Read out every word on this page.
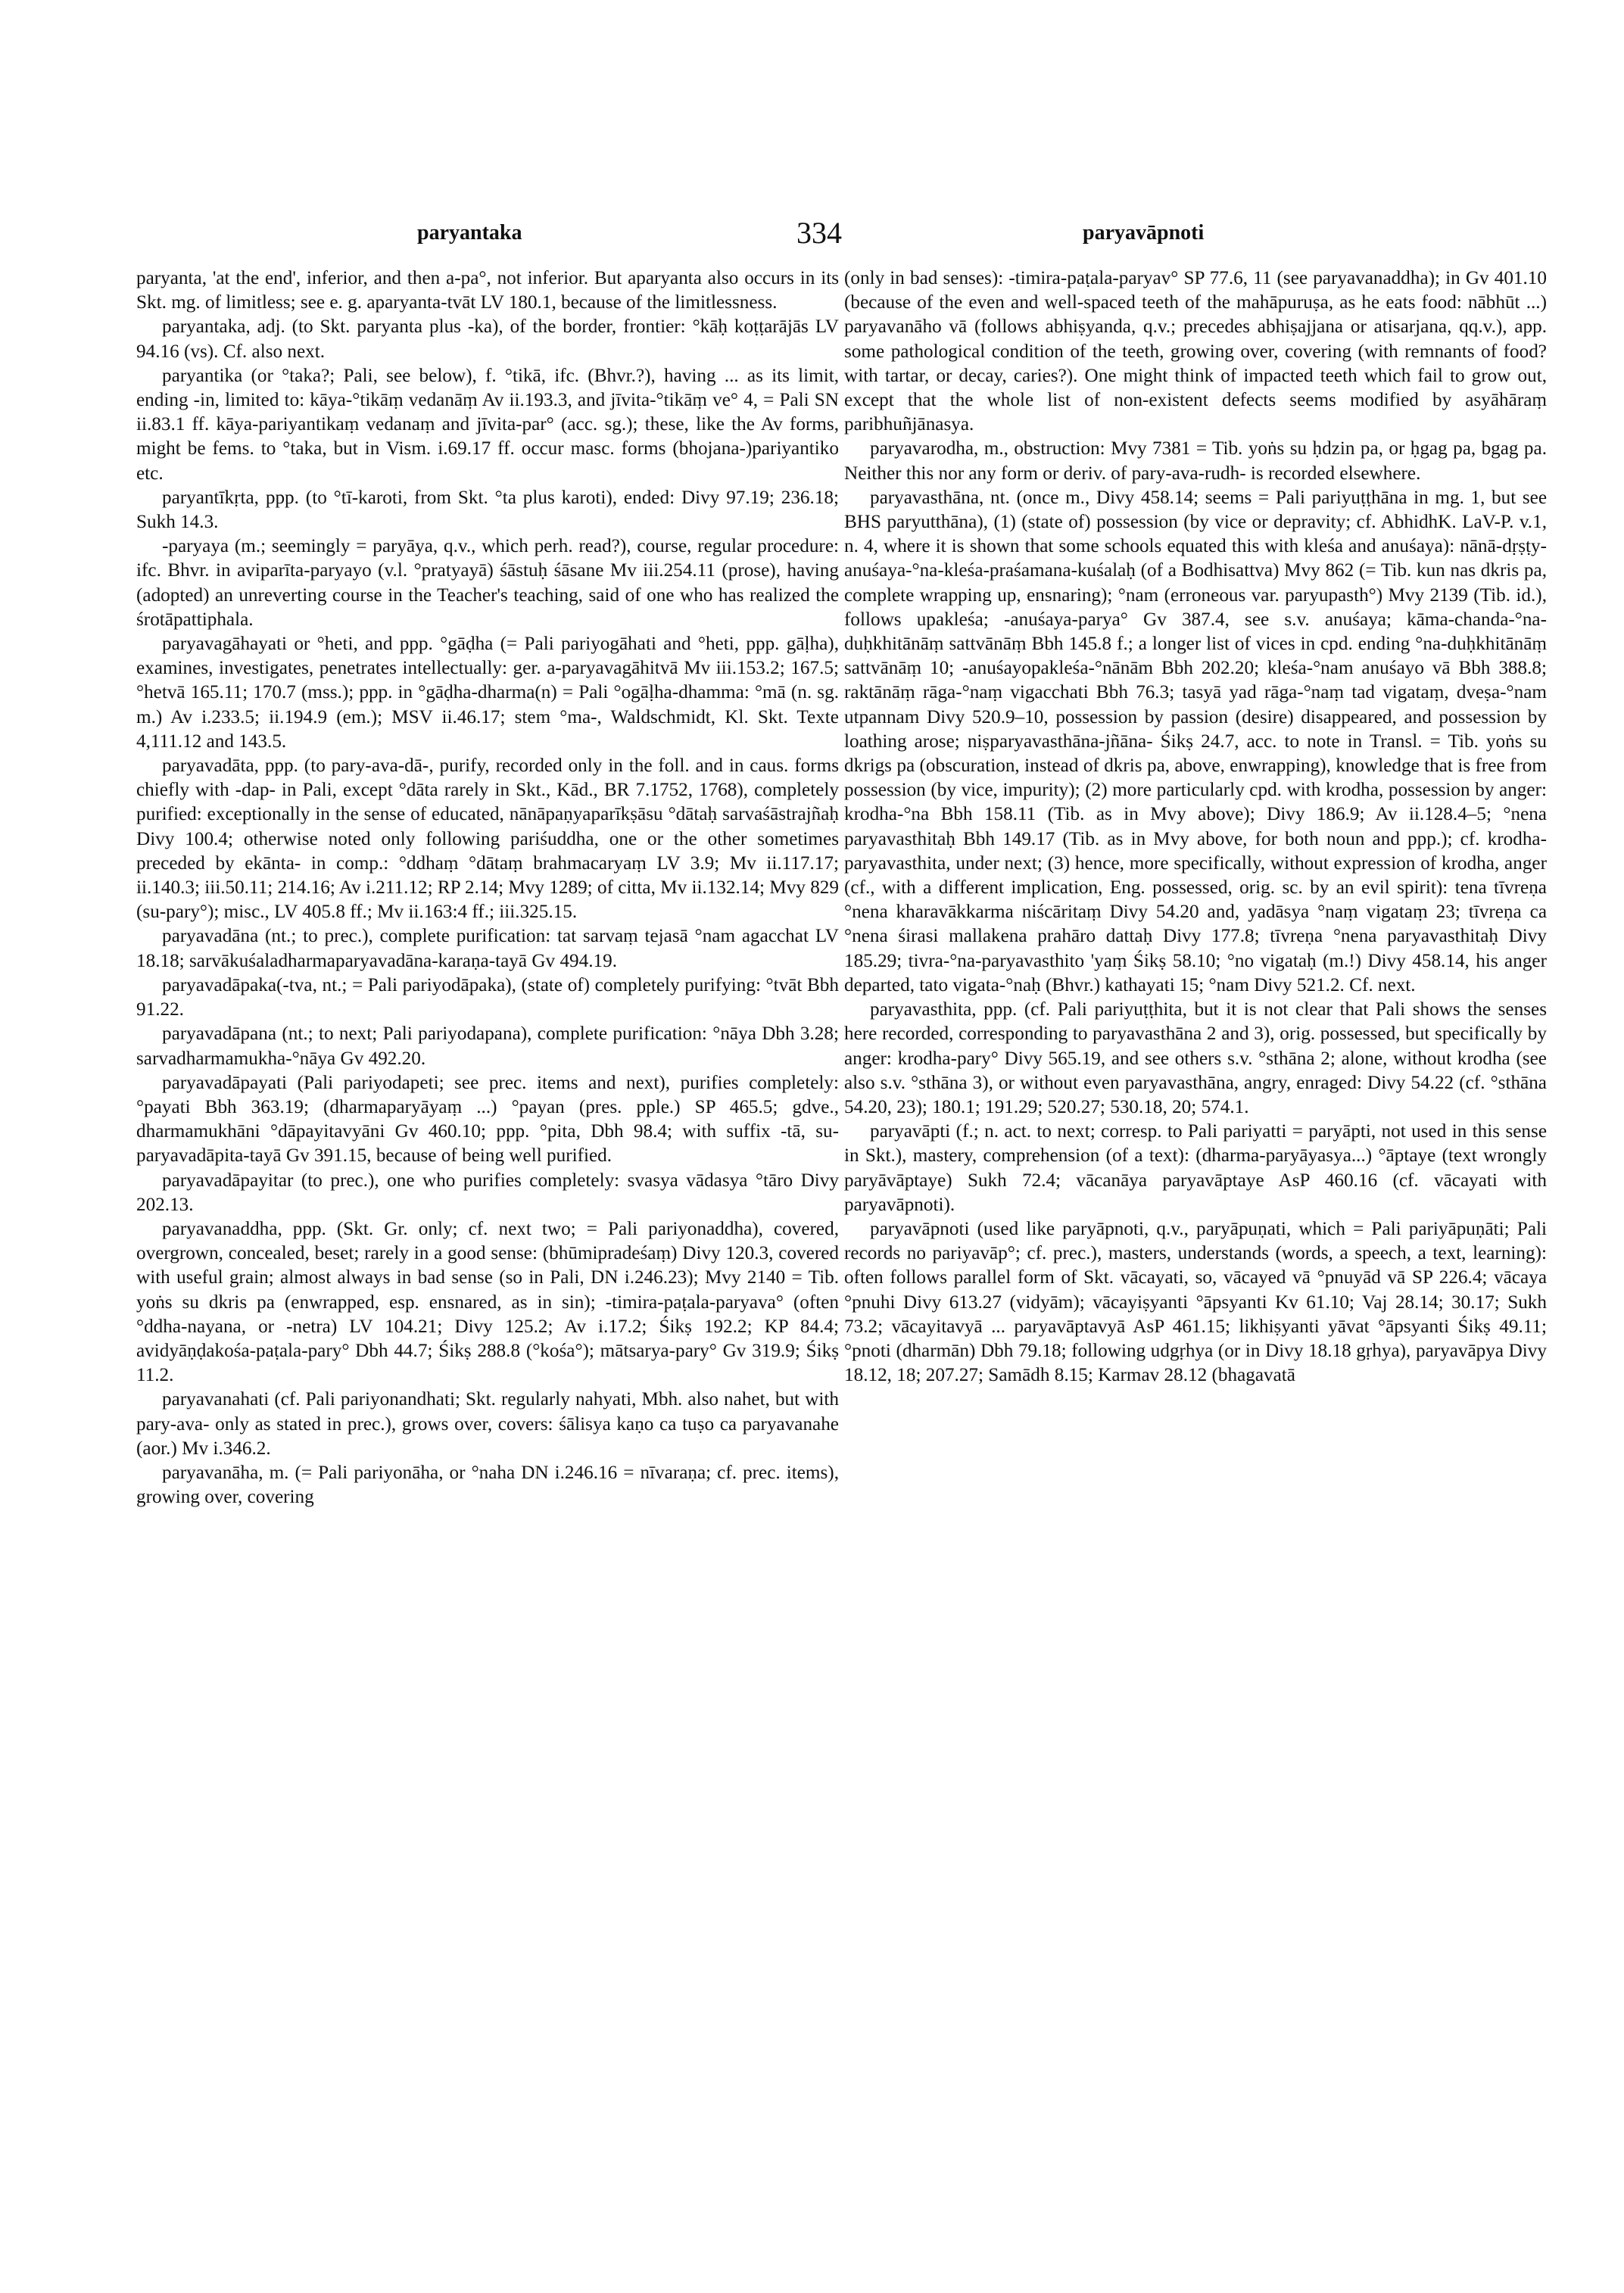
paryantaka	334	paryavāpnoti

paryanta, 'at the end', inferior, and then a-pa°, not inferior. But aparyanta also occurs in its Skt. mg. of limitless; see e. g. aparyanta-tvāt LV 180.1, because of the limitlessness.

paryantaka, adj. (to Skt. paryanta plus -ka), of the border, frontier: °kāḥ koṭṭarājās LV 94.16 (vs). Cf. also next.

paryantika (or °taka?; Pali, see below), f. °tikā, ifc. (Bhvr.?), having ... as its limit, ending -in, limited to: kāya-°tikāṃ vedanāṃ Av ii.193.3, and jīvita-°tikāṃ ve° 4, = Pali SN ii.83.1 ff. kāya-pariyantikaṃ vedanaṃ and jīvita-par° (acc. sg.); these, like the Av forms, might be fems. to °taka, but in Vism. i.69.17 ff. occur masc. forms (bhojana-)pariyantiko etc.

paryantīkṛta, ppp. (to °tī-karoti, from Skt. °ta plus karoti), ended: Divy 97.19; 236.18; Sukh 14.3.

-paryaya (m.; seemingly = paryāya, q.v., which perh. read?), course, regular procedure: ifc. Bhvr. in aviparīta-paryayo (v.l. °pratyayā) śāstuḥ śāsane Mv iii.254.11 (prose), having (adopted) an unreverting course in the Teacher's teaching, said of one who has realized the śrotāpattiphala.

paryavagāhayati or °heti, and ppp. °gāḍha (= Pali pariyogāhati and °heti, ppp. gāḷha), examines, investigates, penetrates intellectually: ger. a-paryavagāhitvā Mv iii.153.2; 167.5; °hetvā 165.11; 170.7 (mss.); ppp. in °gāḍha-dharma(n) = Pali °ogāḷha-dhamma: °mā (n. sg. m.) Av i.233.5; ii.194.9 (em.); MSV ii.46.17; stem °ma-, Waldschmidt, Kl. Skt. Texte 4,111.12 and 143.5.

paryavadāta, ppp. (to pary-ava-dā-, purify, recorded only in the foll. and in caus. forms chiefly with -dap- in Pali, except °dāta rarely in Skt., Kād., BR 7.1752, 1768), completely purified: exceptionally in the sense of educated, nānāpaṇyaparīkṣāsu °dātaḥ sarvaśāstrajñaḥ Divy 100.4; otherwise noted only following pariśuddha, one or the other sometimes preceded by ekānta- in comp.: °ddhaṃ °dātaṃ brahmacaryaṃ LV 3.9; Mv ii.117.17; ii.140.3; iii.50.11; 214.16; Av i.211.12; RP 2.14; Mvy 1289; of citta, Mv ii.132.14; Mvy 829 (su-pary°); misc., LV 405.8 ff.; Mv ii.163:4 ff.; iii.325.15.

paryavadāna (nt.; to prec.), complete purification: tat sarvaṃ tejasā °nam agacchat LV 18.18; sarvākuśaladharmaparyavadāna-karaṇa-tayā Gv 494.19.

paryavadāpaka(-tva, nt.; = Pali pariyodāpaka), (state of) completely purifying: °tvāt Bbh 91.22.

paryavadāpana (nt.; to next; Pali pariyodapana), complete purification: °nāya Dbh 3.28; sarvadharmamukha-°nāya Gv 492.20.

paryavadāpayati (Pali pariyodapeti; see prec. items and next), purifies completely: °payati Bbh 363.19; (dharmaparyāyaṃ ...) °payan (pres. pple.) SP 465.5; gdve., dharmamukhāni °dāpayitavyāni Gv 460.10; ppp. °pita, Dbh 98.4; with suffix -tā, su-paryavadāpita-tayā Gv 391.15, because of being well purified.

paryavadāpayitar (to prec.), one who purifies completely: svasya vādasya °tāro Divy 202.13.

paryavanaddha, ppp. (Skt. Gr. only; cf. next two; = Pali pariyonaddha), covered, overgrown, concealed, beset; rarely in a good sense: (bhūmipradeśaṃ) Divy 120.3, covered with useful grain; almost always in bad sense (so in Pali, DN i.246.23); Mvy 2140 = Tib. yoṅs su dkris pa (enwrapped, esp. ensnared, as in sin); -timira-paṭala-paryava° (often °ddha-nayana, or -netra) LV 104.21; Divy 125.2; Av i.17.2; Śikṣ 192.2; KP 84.4; avidyāṇḍakośa-paṭala-pary° Dbh 44.7; Śikṣ 288.8 (°kośa°); mātsarya-pary° Gv 319.9; Śikṣ 11.2.

paryavanahati (cf. Pali pariyonandhati; Skt. regularly nahyati, Mbh. also nahet, but with pary-ava- only as stated in prec.), grows over, covers: śālisya kaṇo ca tuṣo ca paryavanahe (aor.) Mv i.346.2.

paryavanāha, m. (= Pali pariyonāha, or °naha DN i.246.16 = nīvaraṇa; cf. prec. items), growing over, covering

(only in bad senses): -timira-paṭala-paryav° SP 77.6, 11 (see paryavanaddha); in Gv 401.10 (because of the even and well-spaced teeth of the mahāpuruṣa, as he eats food: nābhūt ...) paryavanāho vā (follows abhiṣyanda, q.v.; precedes abhiṣajjana or atisarjana, qq.v.), app. some pathological condition of the teeth, growing over, covering (with remnants of food? with tartar, or decay, caries?). One might think of impacted teeth which fail to grow out, except that the whole list of non-existent defects seems modified by asyāhāraṃ paribhuñjānasya.

paryavarodha, m., obstruction: Mvy 7381 = Tib. yoṅs su ḥdzin pa, or ḥgag pa, bgag pa. Neither this nor any form or deriv. of pary-ava-rudh- is recorded elsewhere.

paryavasthāna, nt. (once m., Divy 458.14; seems = Pali pariyuṭṭhāna in mg. 1, but see BHS paryutthāna), (1) (state of) possession (by vice or depravity; cf. AbhidhK. LaV-P. v.1, n. 4, where it is shown that some schools equated this with kleśa and anuśaya): nānā-dṛṣṭy-anuśaya-°na-kleśa-praśamana-kuśalaḥ (of a Bodhisattva) Mvy 862 (= Tib. kun nas dkris pa, complete wrapping up, ensnaring); °nam (erroneous var. paryupasth°) Mvy 2139 (Tib. id.), follows upakleśa; -anuśaya-parya° Gv 387.4, see s.v. anuśaya; kāma-chanda-°na-duḥkhitānāṃ sattvānāṃ Bbh 145.8 f.; a longer list of vices in cpd. ending °na-duḥkhitānāṃ sattvānāṃ 10; -anuśayopakleśa-°nānām Bbh 202.20; kleśa-°nam anuśayo vā Bbh 388.8; raktānāṃ rāga-°naṃ vigacchati Bbh 76.3; tasyā yad rāga-°naṃ tad vigataṃ, dveṣa-°nam utpannam Divy 520.9–10, possession by passion (desire) disappeared, and possession by loathing arose; niṣparyavasthāna-jñāna- Śikṣ 24.7, acc. to note in Transl. = Tib. yoṅs su dkrigs pa (obscuration, instead of dkris pa, above, enwrapping), knowledge that is free from possession (by vice, impurity); (2) more particularly cpd. with krodha, possession by anger: krodha-°na Bbh 158.11 (Tib. as in Mvy above); Divy 186.9; Av ii.128.4–5; °nena paryavasthitaḥ Bbh 149.17 (Tib. as in Mvy above, for both noun and ppp.); cf. krodha-paryavasthita, under next; (3) hence, more specifically, without expression of krodha, anger (cf., with a different implication, Eng. possessed, orig. sc. by an evil spirit): tena tīvreṇa °nena kharavākkarma niścāritaṃ Divy 54.20 and, yadāsya °naṃ vigataṃ 23; tīvreṇa ca °nena śirasi mallakena prahāro dattaḥ Divy 177.8; tīvreṇa °nena paryavasthitaḥ Divy 185.29; tivra-°na-paryavasthito 'yaṃ Śikṣ 58.10; °no vigataḥ (m.!) Divy 458.14, his anger departed, tato vigata-°naḥ (Bhvr.) kathayati 15; °nam Divy 521.2. Cf. next.

paryavasthita, ppp. (cf. Pali pariyuṭṭhita, but it is not clear that Pali shows the senses here recorded, corresponding to paryavasthāna 2 and 3), orig. possessed, but specifically by anger: krodha-pary° Divy 565.19, and see others s.v. °sthāna 2; alone, without krodha (see also s.v. °sthāna 3), or without even paryavasthāna, angry, enraged: Divy 54.22 (cf. °sthāna 54.20, 23); 180.1; 191.29; 520.27; 530.18, 20; 574.1.

paryavāpti (f.; n. act. to next; corresp. to Pali pariyatti = paryāpti, not used in this sense in Skt.), mastery, comprehension (of a text): (dharma-paryāyasya...) °āptaye (text wrongly paryāvāptaye) Sukh 72.4; vācanāya paryavāptaye AsP 460.16 (cf. vācayati with paryavāpnoti).

paryavāpnoti (used like paryāpnoti, q.v., paryāpuṇati, which = Pali pariyāpuṇāti; Pali records no pariyavāp°; cf. prec.), masters, understands (words, a speech, a text, learning): often follows parallel form of Skt. vācayati, so, vācayed vā °pnuyād vā SP 226.4; vācaya °pnuhi Divy 613.27 (vidyām); vācayiṣyanti °āpsyanti Kv 61.10; Vaj 28.14; 30.17; Sukh 73.2; vācayitavyā ... paryavāptavyā AsP 461.15; likhiṣyanti yāvat °āpsyanti Śikṣ 49.11; °pnoti (dharmān) Dbh 79.18; following udgṛhya (or in Divy 18.18 gṛhya), paryavāpya Divy 18.12, 18; 207.27; Samādh 8.15; Karmav 28.12 (bhagavatā
